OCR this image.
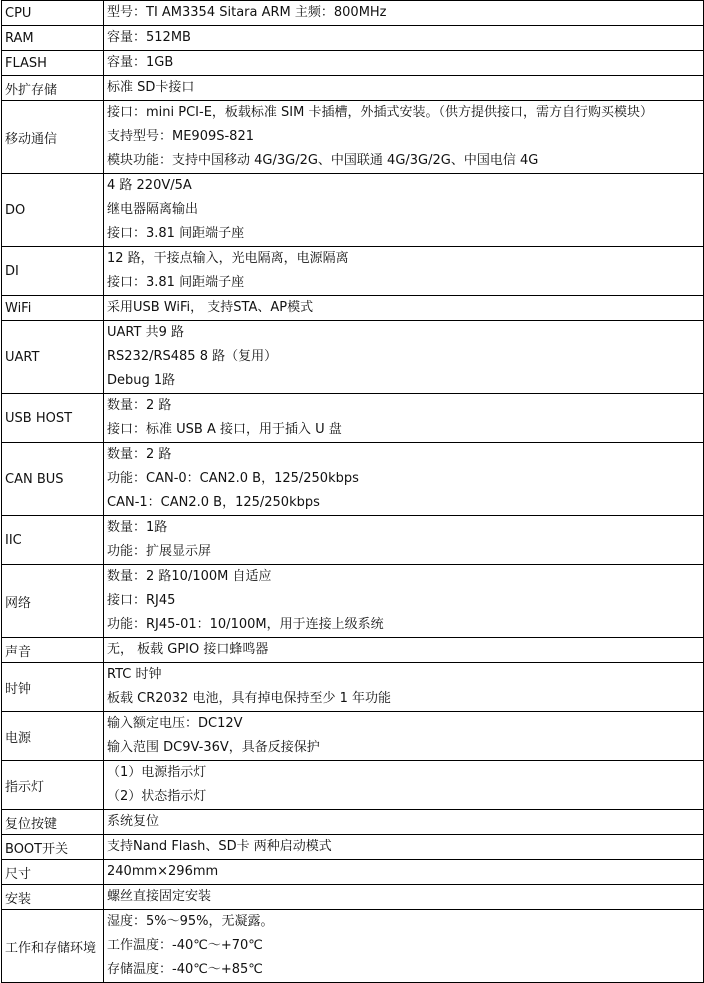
CPU	型号：TI AM3354 Sitara ARM 主频：800MHz

RAM	容量：512MB

FLASH	容量：1GB

外扩存储	标准 SD卡接口

移动通信	接口：mini PCI-E，板载标准 SIM 卡插槽，外插式安装。（供方提供接口，需方自行购买模块）
支持型号：ME909S-821
模块功能：支持中国移动 4G/3G/2G、中国联通 4G/3G/2G、中国电信 4G

DO	4 路 220V/5A
继电器隔离输出
接口：3.81 间距端子座

DI	12 路，干接点输入，光电隔离，电源隔离
接口：3.81 间距端子座

WiFi	采用USB WiFi， 支持STA、AP模式

UART	UART 共9 路
RS232/RS485 8 路（复用）
Debug 1路

USB HOST	数量：2 路
接口：标准 USB A 接口，用于插入 U 盘

CAN BUS	数量：2 路
功能：CAN-0：CAN2.0 B，125/250kbps
CAN-1：CAN2.0 B，125/250kbps

IIC	数量：1路
功能：扩展显示屏

网络	数量：2 路10/100M 自适应
接口：RJ45
功能：RJ45-01：10/100M，用于连接上级系统

声音	无， 板载 GPIO 接口蜂鸣器

时钟	RTC 时钟
板载 CR2032 电池，具有掉电保持至少 1 年功能

电源	输入额定电压：DC12V
输入范围 DC9V-36V，具备反接保护

指示灯	（1）电源指示灯
（2）状态指示灯

复位按键	系统复位

BOOT开关	支持Nand Flash、SD卡 两种启动模式

尺寸	240mm×296mm

安装	螺丝直接固定安装

工作和存储环境	湿度：5%～95%，无凝露。
工作温度：-40℃～+70℃
存储温度：-40℃～+85℃
